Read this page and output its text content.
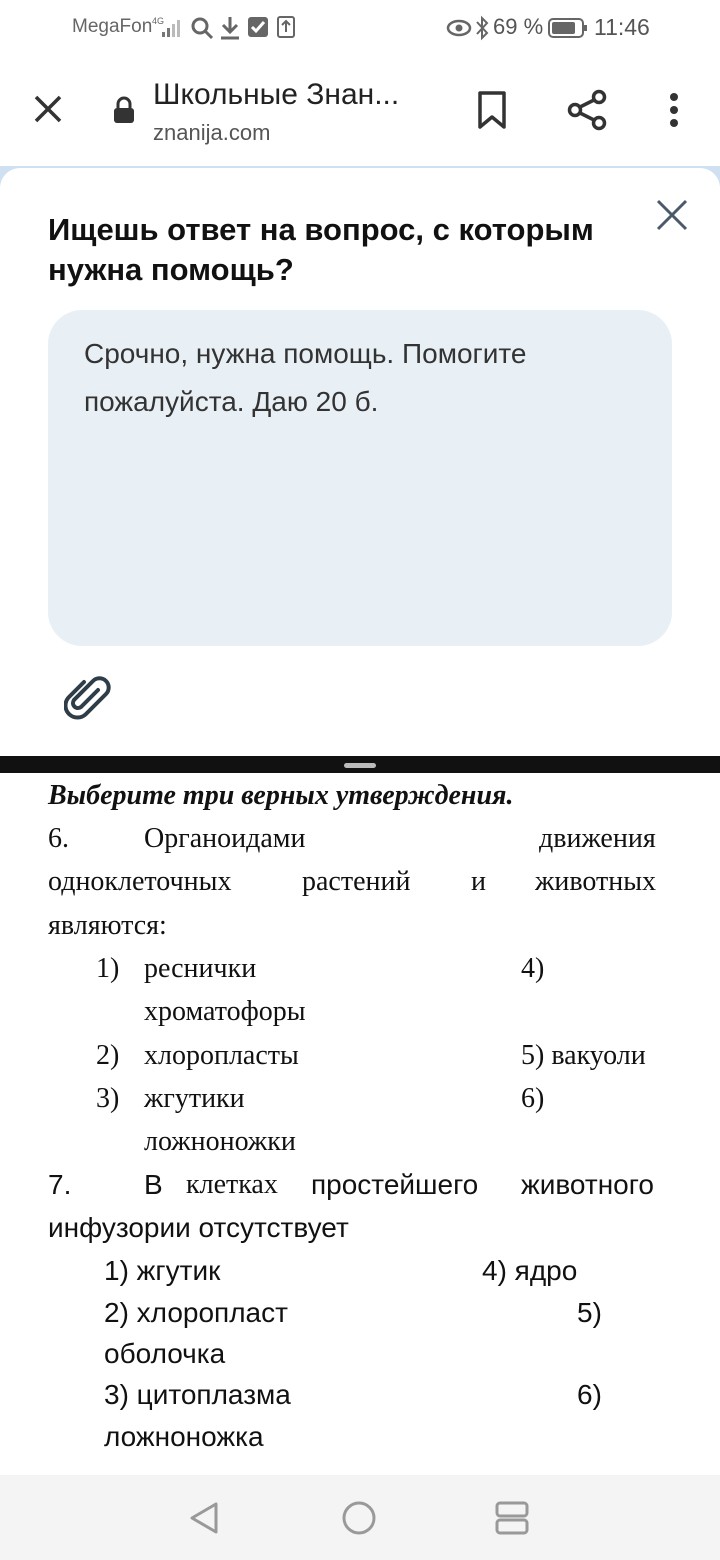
MegaFon 4G	69 % 11:46
Школьные Знан...
znanija.com
Ищешь ответ на вопрос, с которым нужна помощь?
Срочно, нужна помощь. Помогите пожалуйста. Даю 20 б.
Выберите три верных утверждения.
6.	Органоидами	движения
одноклеточных	растений и животных
являются:
1) реснички	4)
хроматофоры
2) хлоропласты	5) вакуоли
3) жгутики	6)
ложноножки
7.	В клетках простейшего животного
инфузории отсутствует
1) жгутик	4) ядро
2) хлоропласт	5)
оболочка
3) цитоплазма	6)
ложноножка
